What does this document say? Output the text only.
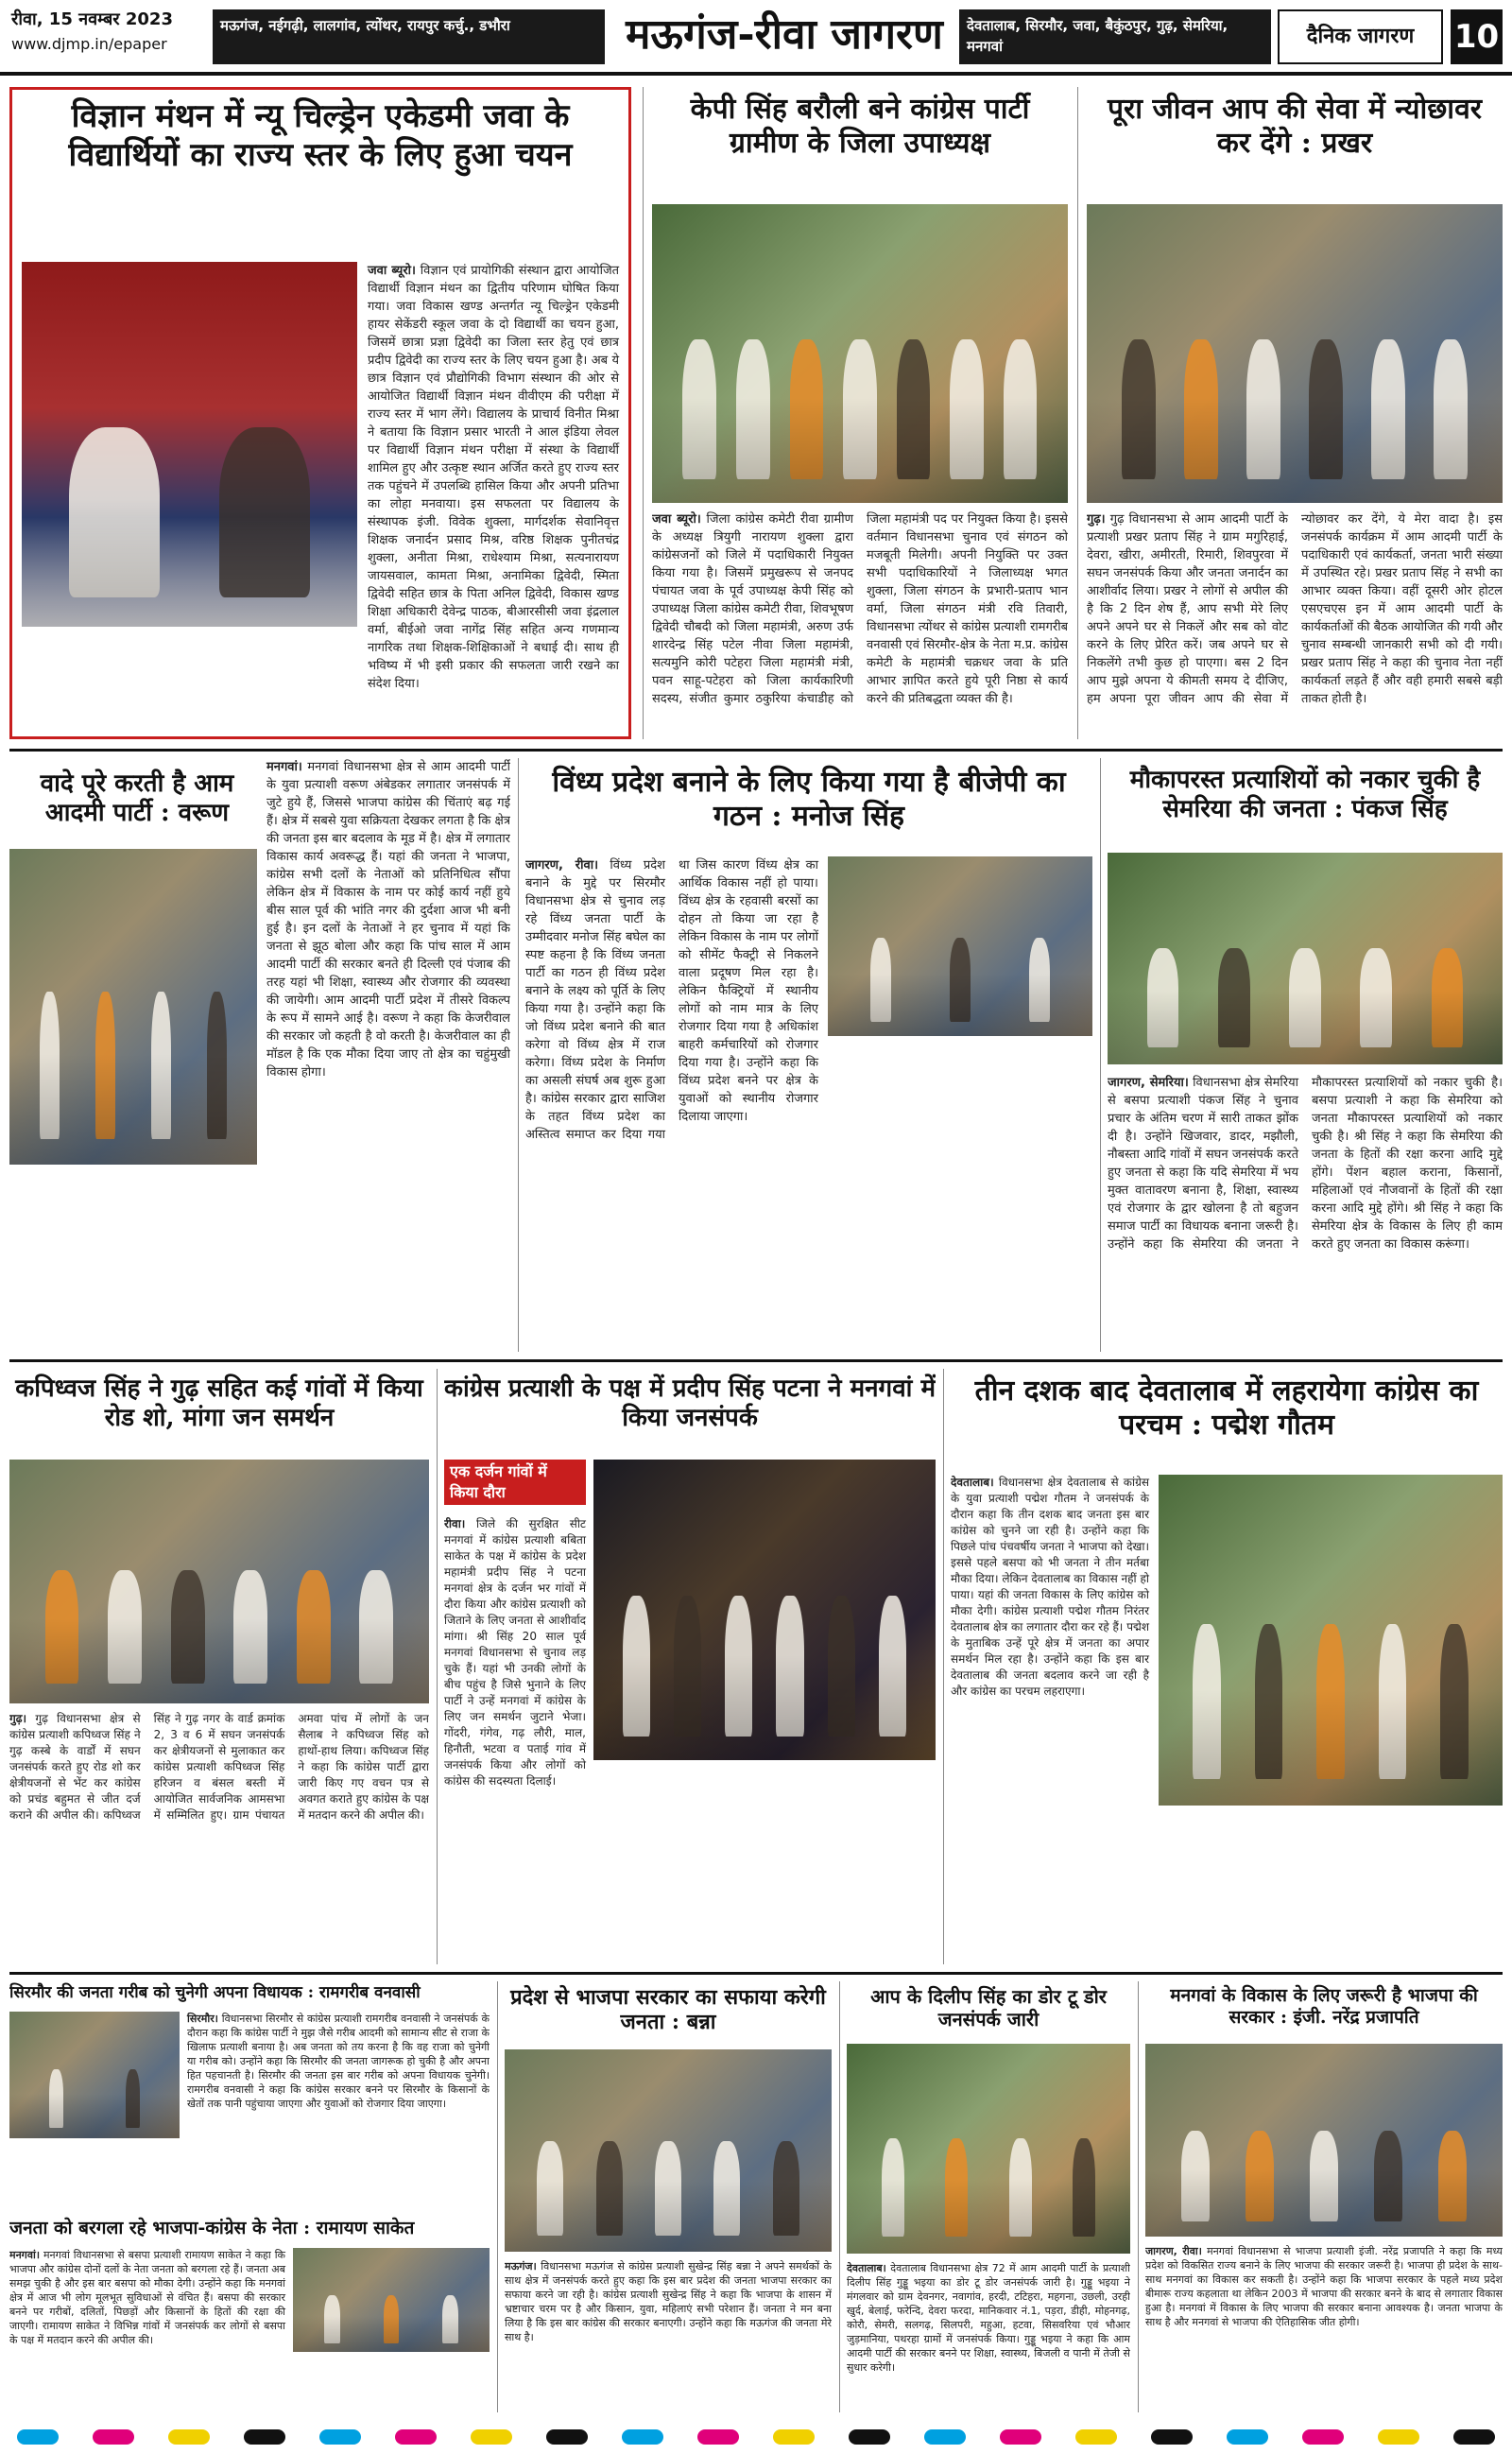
रीवा, 15 नवम्बर 2023
www.djmp.in/epaper
मऊगंज, नईगढ़ी, लालगांव, त्योंथर, रायपुर कर्चु., डभौरा	मऊगंज-रीवा जागरण	देवतालाब, सिरमौर, जवा, बैकुंठपुर, गुढ़, सेमरिया, मनगवां	दैनिक जागरण	10
विज्ञान मंथन में न्यू चिल्ड्रेन एकेडमी जवा के विद्यार्थियों का राज्य स्तर के लिए हुआ चयन
जवा ब्यूरो। विज्ञान एवं प्रायोगिकी संस्थान द्वारा आयोजित विद्यार्थी विज्ञान मंथन का द्वितीय परिणाम घोषित किया गया। जवा विकास खण्ड अन्तर्गत न्यू चिल्ड्रेन एकेडमी हायर सेकेंडरी स्कूल जवा के दो विद्यार्थी का चयन हुआ, जिसमें छात्रा प्रज्ञा द्विवेदी का जिला स्तर हेतु एवं छात्र प्रदीप द्विवेदी का राज्य स्तर के लिए चयन हुआ है। अब ये छात्र विज्ञान एवं प्रौद्योगिकी विभाग संस्थान की ओर से आयोजित विद्यार्थी विज्ञान मंथन वीवीएम की परीक्षा में राज्य स्तर में भाग लेंगे। विद्यालय के प्राचार्य विनीत मिश्रा ने बताया कि विज्ञान प्रसार भारती ने आल इंडिया लेवल पर विद्यार्थी विज्ञान मंथन परीक्षा में संस्था के विद्यार्थी शामिल हुए और उत्कृष्ट स्थान अर्जित करते हुए राज्य स्तर तक पहुंचने में उपलब्धि हासिल किया और अपनी प्रतिभा का लोहा मनवाया। इस सफलता पर विद्यालय के संस्थापक इंजी. विवेक शुक्ला, मार्गदर्शक सेवानिवृत्त शिक्षक जनार्दन प्रसाद मिश्र, वरिष्ठ शिक्षक पुनीतचंद्र शुक्ला, अनीता मिश्रा, राधेश्याम मिश्रा, सत्यनारायण जायसवाल, कामता मिश्रा, अनामिका द्विवेदी, स्मिता द्विवेदी सहित छात्र के पिता अनिल द्विवेदी, विकास खण्ड शिक्षा अधिकारी देवेन्द्र पाठक, बीआरसीसी जवा इंद्रलाल वर्मा, बीईओ जवा नागेंद्र सिंह सहित अन्य गणमान्य नागरिक तथा शिक्षक-शिक्षिकाओं ने बधाई दी। साथ ही भविष्य में भी इसी प्रकार की सफलता जारी रखने का संदेश दिया।
केपी सिंह बरौली बने कांग्रेस पार्टी ग्रामीण के जिला उपाध्यक्ष
जवा ब्यूरो। जिला कांग्रेस कमेटी रीवा ग्रामीण के अध्यक्ष त्रियुगी नारायण शुक्ला द्वारा कांग्रेसजनों को जिले में पदाधिकारी नियुक्त किया गया है। जिसमें प्रमुखरूप से जनपद पंचायत जवा के पूर्व उपाध्यक्ष केपी सिंह को उपाध्यक्ष जिला कांग्रेस कमेटी रीवा, शिवभूषण द्विवेदी चौबदी को जिला महामंत्री, अरुण उर्फ शारदेन्द्र सिंह पटेल नीवा जिला महामंत्री, सत्यमुनि कोरी पटेहरा जिला महामंत्री मंत्री, पवन साहू-पटेहरा को जिला कार्यकारिणी सदस्य, संजीत कुमार ठकुरिया कंचाडीह को जिला महामंत्री पद पर नियुक्त किया है। इससे वर्तमान विधानसभा चुनाव एवं संगठन को मजबूती मिलेगी। अपनी नियुक्ति पर उक्त सभी पदाधिकारियों ने जिलाध्यक्ष भगत शुक्ला, जिला संगठन के प्रभारी-प्रताप भान वर्मा, जिला संगठन मंत्री रवि तिवारी, विधानसभा त्योंथर से कांग्रेस प्रत्याशी रामगरीब वनवासी एवं सिरमौर-क्षेत्र के नेता म.प्र. कांग्रेस कमेटी के महामंत्री चक्रधर जवा के प्रति आभार ज्ञापित करते हुये पूरी निष्ठा से कार्य करने की प्रतिबद्धता व्यक्त की है।
पूरा जीवन आप की सेवा में न्योछावर कर देंगे : प्रखर
गुढ़। गुढ़ विधानसभा से आम आदमी पार्टी के प्रत्याशी प्रखर प्रताप सिंह ने ग्राम मगुरिहाई, देवरा, खीरा, अमीरती, रिमारी, शिवपुरवा में सघन जनसंपर्क किया और जनता जनार्दन का आशीर्वाद लिया। प्रखर ने लोगों से अपील की है कि 2 दिन शेष हैं, आप सभी मेरे लिए अपने अपने घर से निकलें और सब को वोट करने के लिए प्रेरित करें। जब अपने घर से निकलेंगे तभी कुछ हो पाएगा। बस 2 दिन आप मुझे अपना ये कीमती समय दे दीजिए, हम अपना पूरा जीवन आप की सेवा में न्योछावर कर देंगे, ये मेरा वादा है। इस जनसंपर्क कार्यक्रम में आम आदमी पार्टी के पदाधिकारी एवं कार्यकर्ता, जनता भारी संख्या में उपस्थित रहे। प्रखर प्रताप सिंह ने सभी का आभार व्यक्त किया। वहीं दूसरी ओर होटल एसएचएस इन में आम आदमी पार्टी के कार्यकर्ताओं की बैठक आयोजित की गयी और चुनाव सम्बन्धी जानकारी सभी को दी गयी। प्रखर प्रताप सिंह ने कहा की चुनाव नेता नहीं कार्यकर्ता लड़ते हैं और वही हमारी सबसे बड़ी ताकत होती है।
वादे पूरे करती है आम आदमी पार्टी : वरूण
मनगवां। मनगवां विधानसभा क्षेत्र से आम आदमी पार्टी के युवा प्रत्याशी वरूण अंबेडकर लगातार जनसंपर्क में जुटे हुये हैं, जिससे भाजपा कांग्रेस की चिंताएं बढ़ गई हैं। क्षेत्र में सबसे युवा सक्रियता देखकर लगता है कि क्षेत्र की जनता इस बार बदलाव के मूड में है। क्षेत्र में लगातार विकास कार्य अवरूद्ध हैं। यहां की जनता ने भाजपा, कांग्रेस सभी दलों के नेताओं को प्रतिनिधित्व सौंपा लेकिन क्षेत्र में विकास के नाम पर कोई कार्य नहीं हुये बीस साल पूर्व की भांति नगर की दुर्दशा आज भी बनी हुई है। इन दलों के नेताओं ने हर चुनाव में यहां कि जनता से झूठ बोला और कहा कि पांच साल में आम आदमी पार्टी की सरकार बनते ही दिल्ली एवं पंजाब की तरह यहां भी शिक्षा, स्वास्थ्य और रोजगार की व्यवस्था की जायेगी। आम आदमी पार्टी प्रदेश में तीसरे विकल्प के रूप में सामने आई है। वरूण ने कहा कि केजरीवाल की सरकार जो कहती है वो करती है। केजरीवाल का ही मॉडल है कि एक मौका दिया जाए तो क्षेत्र का चहुंमुखी विकास होगा।
विंध्य प्रदेश बनाने के लिए किया गया है बीजेपी का गठन : मनोज सिंह
जागरण, रीवा। विंध्य प्रदेश बनाने के मुद्दे पर सिरमौर विधानसभा क्षेत्र से चुनाव लड़ रहे विंध्य जनता पार्टी के उम्मीदवार मनोज सिंह बघेल का स्पष्ट कहना है कि विंध्य जनता पार्टी का गठन ही विंध्य प्रदेश बनाने के लक्ष्य को पूर्ति के लिए किया गया है। उन्होंने कहा कि जो विंध्य प्रदेश बनाने की बात करेगा वो विंध्य क्षेत्र में राज करेगा। विंध्य प्रदेश के निर्माण का असली संघर्ष अब शुरू हुआ है। कांग्रेस सरकार द्वारा साजिश के तहत विंध्य प्रदेश का अस्तित्व समाप्त कर दिया गया था जिस कारण विंध्य क्षेत्र का आर्थिक विकास नहीं हो पाया। विंध्य क्षेत्र के रहवासी बरसों का दोहन तो किया जा रहा है लेकिन विकास के नाम पर लोगों को सीमेंट फैक्ट्री से निकलने वाला प्रदूषण मिल रहा है। लेकिन फैक्ट्रियों में स्थानीय लोगों को नाम मात्र के लिए रोजगार दिया गया है अधिकांश बाहरी कर्मचारियों को रोजगार दिया गया है। उन्होंने कहा कि विंध्य प्रदेश बनने पर क्षेत्र के युवाओं को स्थानीय रोजगार दिलाया जाएगा।
मौकापरस्त प्रत्याशियों को नकार चुकी है सेमरिया की जनता : पंकज सिंह
जागरण, सेमरिया। विधानसभा क्षेत्र सेमरिया से बसपा प्रत्याशी पंकज सिंह ने चुनाव प्रचार के अंतिम चरण में सारी ताकत झोंक दी है। उन्होंने खिजवार, डादर, मझौली, नौबस्ता आदि गांवों में सघन जनसंपर्क करते हुए जनता से कहा कि यदि सेमरिया में भय मुक्त वातावरण बनाना है, शिक्षा, स्वास्थ्य एवं रोजगार के द्वार खोलना है तो बहुजन समाज पार्टी का विधायक बनाना जरूरी है। उन्होंने कहा कि सेमरिया की जनता ने मौकापरस्त प्रत्याशियों को नकार चुकी है। बसपा प्रत्याशी ने कहा कि सेमरिया को जनता मौकापरस्त प्रत्याशियों को नकार चुकी है। श्री सिंह ने कहा कि सेमरिया की जनता के हितों की रक्षा करना आदि मुद्दे होंगे। पेंशन बहाल कराना, किसानों, महिलाओं एवं नौजवानों के हितों की रक्षा करना आदि मुद्दे होंगे। श्री सिंह ने कहा कि सेमरिया क्षेत्र के विकास के लिए ही काम करते हुए जनता का विकास करूंगा।
कपिध्वज सिंह ने गुढ़ सहित कई गांवों में किया रोड शो, मांगा जन समर्थन
गुढ़। गुढ़ विधानसभा क्षेत्र से कांग्रेस प्रत्याशी कपिध्वज सिंह ने गुढ़ कस्बे के वार्डों में सघन जनसंपर्क करते हुए रोड शो कर क्षेत्रीयजनों से भेंट कर कांग्रेस को प्रचंड बहुमत से जीत दर्ज कराने की अपील की। कपिध्वज सिंह ने गुढ़ नगर के वार्ड क्रमांक 2, 3 व 6 में सघन जनसंपर्क कर क्षेत्रीयजनों से मुलाकात कर कांग्रेस प्रत्याशी कपिध्वज सिंह हरिजन व बंसल बस्ती में आयोजित सार्वजनिक आमसभा में सम्मिलित हुए। ग्राम पंचायत अमवा पांच में लोगों के जन सैलाब ने कपिध्वज सिंह को हाथों-हाथ लिया। कपिध्वज सिंह ने कहा कि कांग्रेस पार्टी द्वारा जारी किए गए वचन पत्र से अवगत कराते हुए कांग्रेस के पक्ष में मतदान करने की अपील की।
कांग्रेस प्रत्याशी के पक्ष में प्रदीप सिंह पटना ने मनगवां में किया जनसंपर्क
एक दर्जन गांवों में किया दौरा
रीवा। जिले की सुरक्षित सीट मनगवां में कांग्रेस प्रत्याशी बबिता साकेत के पक्ष में कांग्रेस के प्रदेश महामंत्री प्रदीप सिंह ने पटना मनगवां क्षेत्र के दर्जन भर गांवों में दौरा किया और कांग्रेस प्रत्याशी को जिताने के लिए जनता से आशीर्वाद मांगा। श्री सिंह 20 साल पूर्व मनगवां विधानसभा से चुनाव लड़ चुके हैं। यहां भी उनकी लोगों के बीच पहुंच है जिसे भुनाने के लिए पार्टी ने उन्हें मनगवां में कांग्रेस के लिए जन समर्थन जुटाने भेजा। गोंदरी, गंगेव, गढ़ लौरी, माल, हिनौती, भटवा व पताई गांव में जनसंपर्क किया और लोगों को कांग्रेस की सदस्यता दिलाई।
तीन दशक बाद देवतालाब में लहरायेगा कांग्रेस का परचम : पद्मेश गौतम
देवतालाब। विधानसभा क्षेत्र देवतालाब से कांग्रेस के युवा प्रत्याशी पद्मेश गौतम ने जनसंपर्क के दौरान कहा कि तीन दशक बाद जनता इस बार कांग्रेस को चुनने जा रही है। उन्होंने कहा कि पिछले पांच पंचवर्षीय जनता ने भाजपा को देखा। इससे पहले बसपा को भी जनता ने तीन मर्तबा मौका दिया। लेकिन देवतालाब का विकास नहीं हो पाया। यहां की जनता विकास के लिए कांग्रेस को मौका देगी। कांग्रेस प्रत्याशी पद्मेश गौतम निरंतर देवतालाब क्षेत्र का लगातार दौरा कर रहे हैं। पद्मेश के मुताबिक उन्हें पूरे क्षेत्र में जनता का अपार समर्थन मिल रहा है। उन्होंने कहा कि इस बार देवतालाब की जनता बदलाव करने जा रही है और कांग्रेस का परचम लहराएगा।
सिरमौर की जनता गरीब को चुनेगी अपना विधायक : रामगरीब वनवासी
सिरमौर। विधानसभा सिरमौर से कांग्रेस प्रत्याशी रामगरीब वनवासी ने जनसंपर्क के दौरान कहा कि कांग्रेस पार्टी ने मुझ जैसे गरीब आदमी को सामान्य सीट से राजा के खिलाफ प्रत्याशी बनाया है। अब जनता को तय करना है कि वह राजा को चुनेगी या गरीब को। उन्होंने कहा कि सिरमौर की जनता जागरूक हो चुकी है और अपना हित पहचानती है। सिरमौर की जनता इस बार गरीब को अपना विधायक चुनेगी। रामगरीब वनवासी ने कहा कि कांग्रेस सरकार बनने पर सिरमौर के किसानों के खेतों तक पानी पहुंचाया जाएगा और युवाओं को रोजगार दिया जाएगा।
जनता को बरगला रहे भाजपा-कांग्रेस के नेता : रामायण साकेत
मनगवां। मनगवां विधानसभा से बसपा प्रत्याशी रामायण साकेत ने कहा कि भाजपा और कांग्रेस दोनों दलों के नेता जनता को बरगला रहे हैं। जनता अब समझ चुकी है और इस बार बसपा को मौका देगी। उन्होंने कहा कि मनगवां क्षेत्र में आज भी लोग मूलभूत सुविधाओं से वंचित हैं। बसपा की सरकार बनने पर गरीबों, दलितों, पिछड़ों और किसानों के हितों की रक्षा की जाएगी। रामायण साकेत ने विभिन्न गांवों में जनसंपर्क कर लोगों से बसपा के पक्ष में मतदान करने की अपील की।
प्रदेश से भाजपा सरकार का सफाया करेगी जनता : बन्ना
मऊगंज। विधानसभा मऊगंज से कांग्रेस प्रत्याशी सुखेन्द्र सिंह बन्ना ने अपने समर्थकों के साथ क्षेत्र में जनसंपर्क करते हुए कहा कि इस बार प्रदेश की जनता भाजपा सरकार का सफाया करने जा रही है। कांग्रेस प्रत्याशी सुखेन्द्र सिंह ने कहा कि भाजपा के शासन में भ्रष्टाचार चरम पर है और किसान, युवा, महिलाएं सभी परेशान हैं। जनता ने मन बना लिया है कि इस बार कांग्रेस की सरकार बनाएगी। उन्होंने कहा कि मऊगंज की जनता मेरे साथ है।
आप के दिलीप सिंह का डोर टू डोर जनसंपर्क जारी
देवतालाब। देवतालाब विधानसभा क्षेत्र 72 में आम आदमी पार्टी के प्रत्याशी दिलीप सिंह गुड्डू भइया का डोर टू डोर जनसंपर्क जारी है। गुड्डू भइया ने मंगलवार को ग्राम देवनगर, नवागांव, हरदी, टटिहरा, महगना, उछली, उरही खुर्द, बेलाई, फरेन्दि, देवरा फरदा, मानिकवार नं.1, पड़रा, डीही, मोहनगढ़, कोरौ, सेमरी, सलगढ़, सिलपरी, महुआ, हटवा, सिसवरिया एवं भौआर जुड़मानिया, पथरहा ग्रामों में जनसंपर्क किया। गुड्डू भइया ने कहा कि आम आदमी पार्टी की सरकार बनने पर शिक्षा, स्वास्थ्य, बिजली व पानी में तेजी से सुधार करेगी।
मनगवां के विकास के लिए जरूरी है भाजपा की सरकार : इंजी. नरेंद्र प्रजापति
जागरण, रीवा। मनगवां विधानसभा से भाजपा प्रत्याशी इंजी. नरेंद्र प्रजापति ने कहा कि मध्य प्रदेश को विकसित राज्य बनाने के लिए भाजपा की सरकार जरूरी है। भाजपा ही प्रदेश के साथ-साथ मनगवां का विकास कर सकती है। उन्होंने कहा कि भाजपा सरकार के पहले मध्य प्रदेश बीमारू राज्य कहलाता था लेकिन 2003 में भाजपा की सरकार बनने के बाद से लगातार विकास हुआ है। मनगवां में विकास के लिए भाजपा की सरकार बनाना आवश्यक है। जनता भाजपा के साथ है और मनगवां से भाजपा की ऐतिहासिक जीत होगी।
